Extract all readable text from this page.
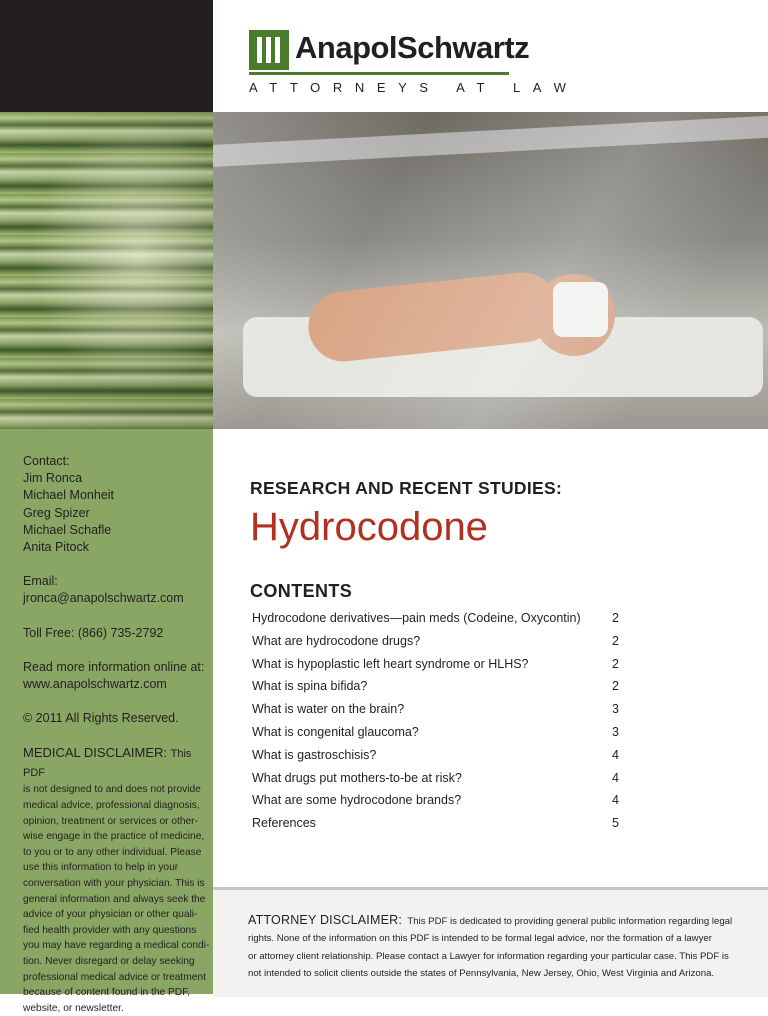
AnapolSchwartz
ATTORNEYS AT LAW
Contact:
Jim Ronca
Michael Monheit
Greg Spizer
Michael Schafle
Anita Pitock
Email:
jronca@anapolschwartz.com
Toll Free: (866) 735-2792
Read more information online at:
www.anapolschwartz.com
© 2011 All Rights Reserved.
MEDICAL DISCLAIMER: This PDF
is not designed to and does not provide
medical advice, professional diagnosis,
opinion, treatment or services or other-
wise engage in the practice of medicine,
to you or to any other individual. Please
use this information to help in your
conversation with your physician. This is
general information and always seek the
advice of your physician or other quali-
fied health provider with any questions
you may have regarding a medical condi-
tion. Never disregard or delay seeking
professional medical advice or treatment
because of content found in the PDF,
website, or newsletter.
RESEARCH AND RECENT STUDIES:
Hydrocodone
CONTENTS
Hydrocodone derivatives—pain meds (Codeine, Oxycontin)	2
What are hydrocodone drugs?	2
What is hypoplastic left heart syndrome or HLHS?	2
What is spina bifida?	2
What is water on the brain?	3
What is congenital glaucoma?	3
What is gastroschisis?	4
What drugs put mothers-to-be at risk?	4
What are some hydrocodone brands?	4
References	5
ATTORNEY DISCLAIMER: This PDF is dedicated to providing general public information regarding legal
rights. None of the information on this PDF is intended to be formal legal advice, nor the formation of a lawyer
or attorney client relationship. Please contact a Lawyer for information regarding your particular case. This PDF is
not intended to solicit clients outside the states of Pennsylvania, New Jersey, Ohio, West Virginia and Arizona.
